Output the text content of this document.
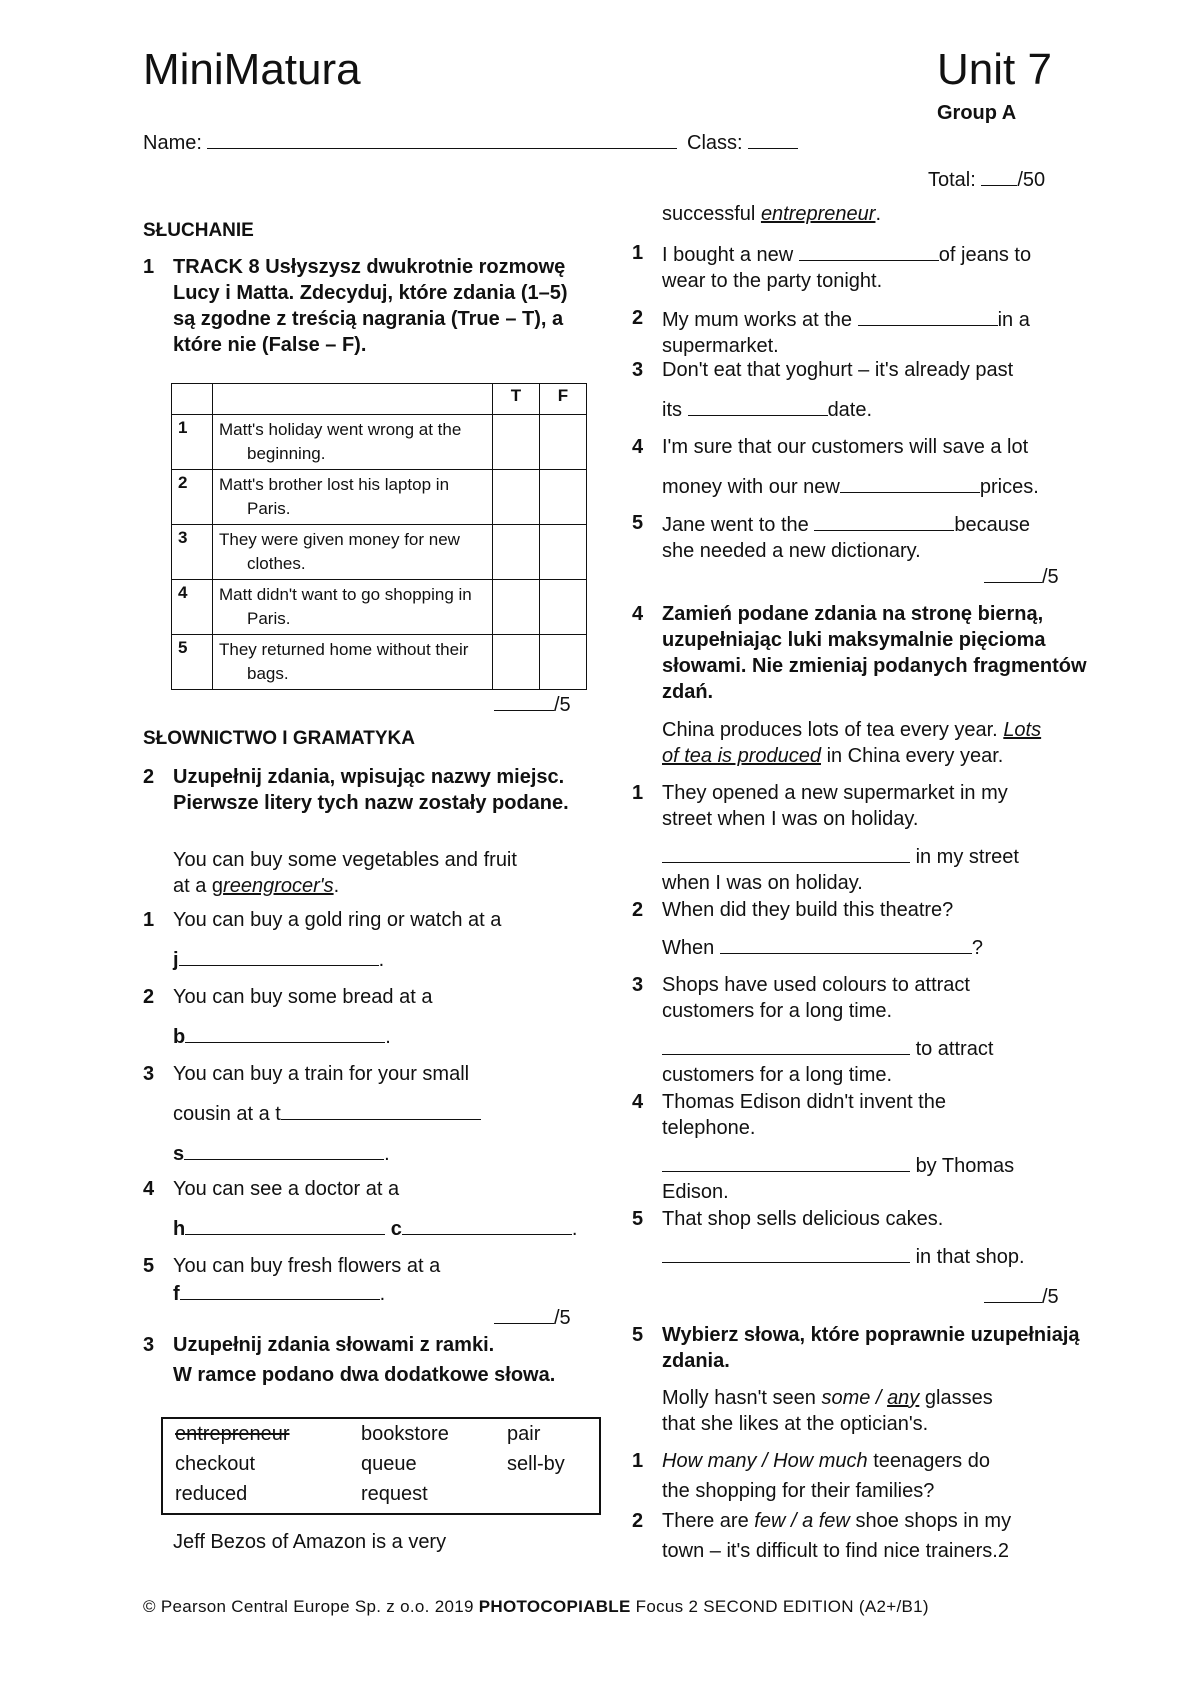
MiniMatura	Unit 7
Group A
Name:	Class:
Total: /50
SŁUCHANIE
1 TRACK 8 Usłyszysz dwukrotnie rozmowę Lucy i Matta. Zdecyduj, które zdania (1–5) są zgodne z treścią nagrania (True – T), a które nie (False – F).
		T	F
1	Matt's holiday went wrong at the beginning.		

2	Matt's brother lost his laptop in Paris.		

3	They were given money for new clothes.		

4	Matt didn't want to go shopping in Paris.		

5	They returned home without their bags.		

/5
SŁOWNICTWO I GRAMATYKA
2 Uzupełnij zdania, wpisując nazwy miejsc. Pierwsze litery tych nazw zostały podane.
You can buy some vegetables and fruit
at a greengrocer's.
1 You can buy a gold ring or watch at a
j	.
2 You can buy some bread at a
b	.
3 You can buy a train for your small
cousin at a t
s	.
4 You can see a doctor at a
h	c	.
5 You can buy fresh flowers at a
f	.
/5
3 Uzupełnij zdania słowami z ramki.
W ramce podano dwa dodatkowe słowa.
entrepreneur	bookstore	pair
checkout	queue	sell-by
reduced	request	
Jeff Bezos of Amazon is a very
successful entrepreneur.
1 I bought a new	of jeans to
wear to the party tonight.
2 My mum works at the	in a
supermarket.
3 Don't eat that yoghurt – it's already past
its	date.
4 I'm sure that our customers will save a lot
money with our new	prices.
5 Jane went to the	because
she needed a new dictionary.
/5
4 Zamień podane zdania na stronę bierną, uzupełniając luki maksymalnie pięcioma słowami. Nie zmieniaj podanych fragmentów zdań.
China produces lots of tea every year. Lots
of tea is produced in China every year.
1 They opened a new supermarket in my
street when I was on holiday.
in my street
when I was on holiday.
2 When did they build this theatre?
When	?
3 Shops have used colours to attract
customers for a long time.
to attract
customers for a long time.
4 Thomas Edison didn't invent the
telephone.
by Thomas
Edison.
5 That shop sells delicious cakes.
in that shop.
/5
5 Wybierz słowa, które poprawnie uzupełniają zdania.
Molly hasn't seen some / any glasses
that she likes at the optician's.
1 How many / How much teenagers do
the shopping for their families?
2 There are few / a few shoe shops in my
town – it's difficult to find nice trainers.2
© Pearson Central Europe Sp. z o.o. 2019 PHOTOCOPIABLE Focus 2 SECOND EDITION (A2+/B1)
